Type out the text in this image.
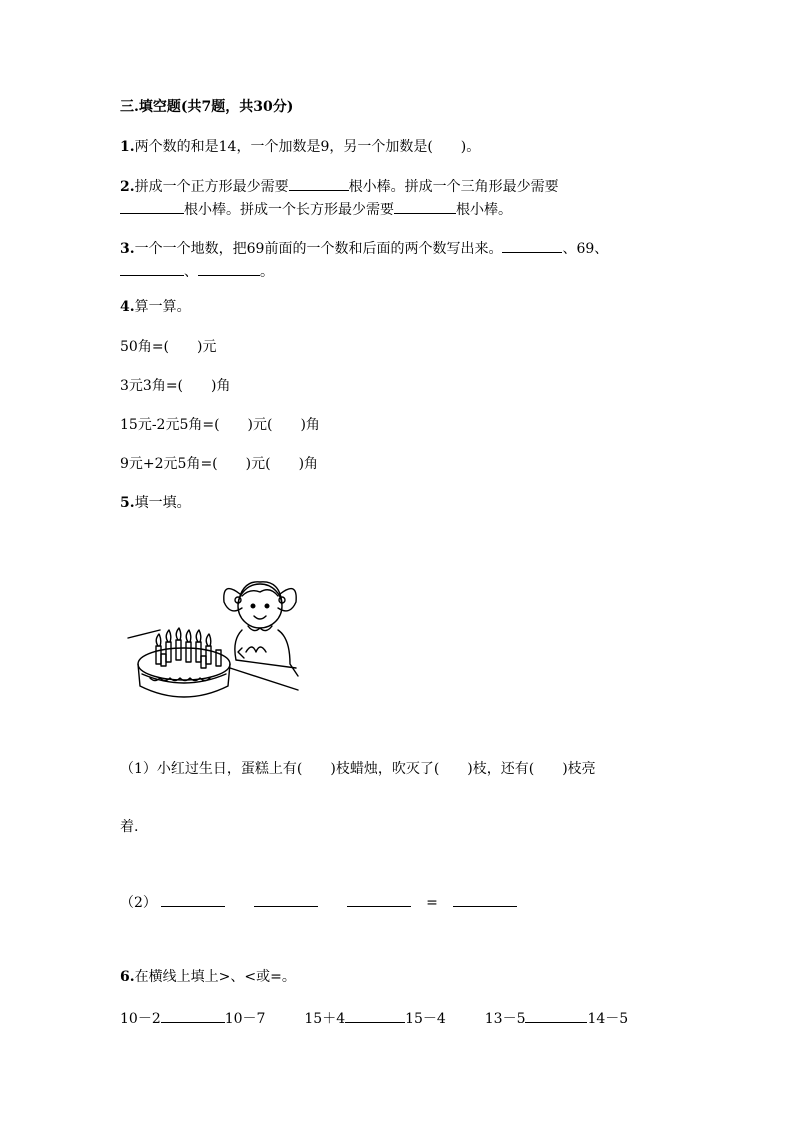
三.填空题(共7题，共30分)
1.两个数的和是14，一个加数是9，另一个加数是(　　)。
2.拼成一个正方形最少需要	根小棒。拼成一个三角形最少需要
根小棒。拼成一个长方形最少需要	根小棒。
3.一个一个地数，把69前面的一个数和后面的两个数写出来。	、69、
、	。
4.算一算。
50角=(　　)元
3元3角=(　　)角
15元-2元5角=(　　)元(　　)角
9元+2元5角=(　　)元(　　)角
5.填一填。
（1）小红过生日，蛋糕上有(　　)枝蜡烛，吹灭了(　　)枝，还有(　　)枝亮
着.
（2）	=
6.在横线上填上>、<或=。
10－2	10－7	15＋4	15－4	13－5	14－5
